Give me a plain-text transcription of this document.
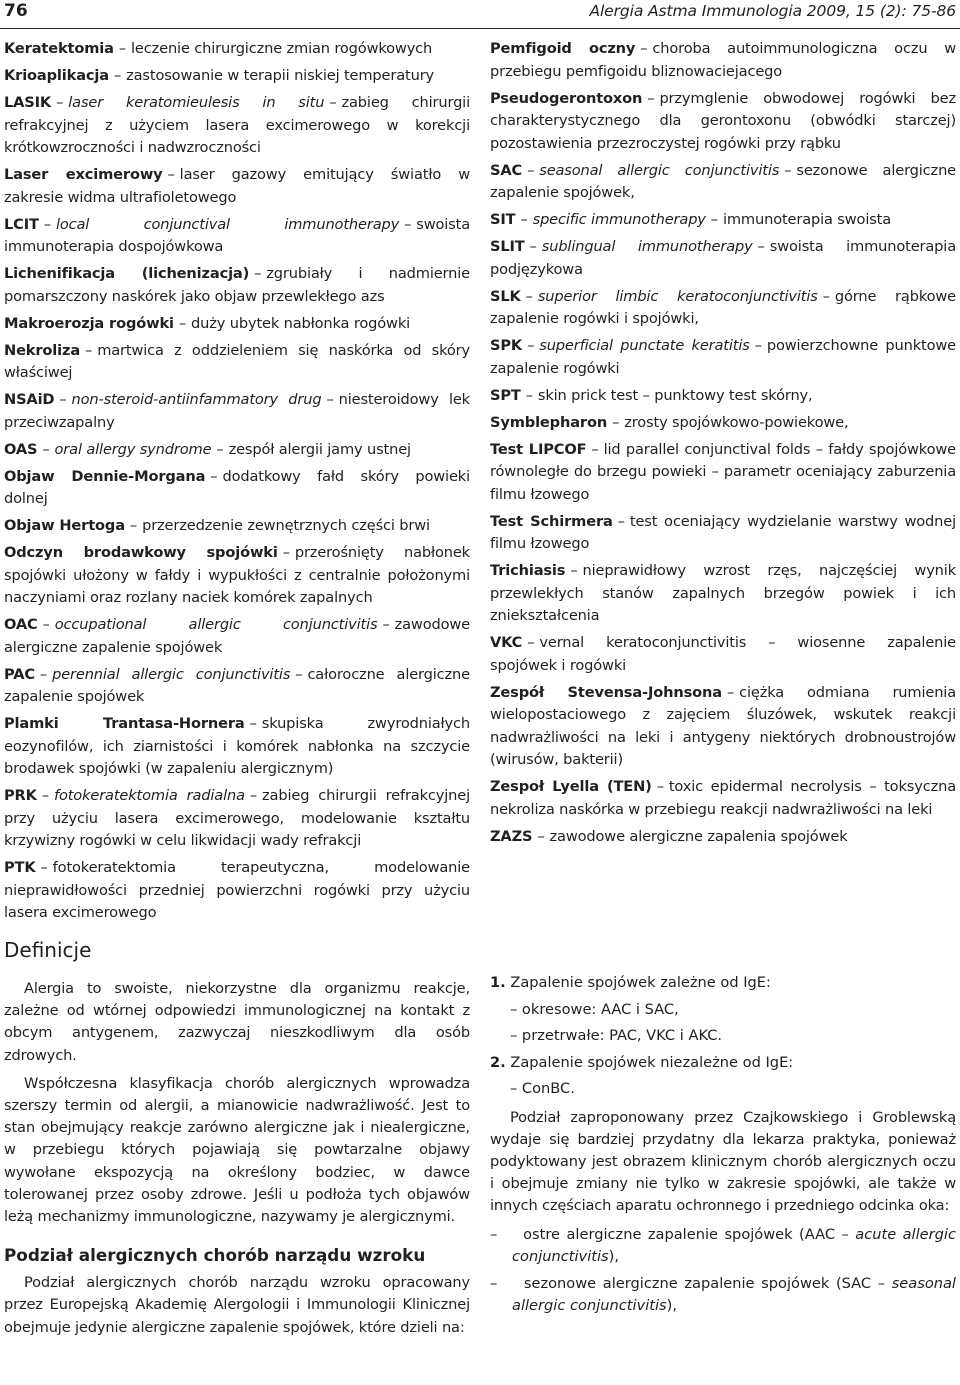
76	Alergia Astma Immunologia 2009, 15 (2): 75-86

Keratektomia – leczenie chirurgiczne zmian rogówkowych

Krioaplikacja – zastosowanie w terapii niskiej temperatury

LASIK – laser keratomieulesis in situ – zabieg chirurgii refrakcyjnej z użyciem lasera excimerowego w korekcji krótkowzroczności i nadwzroczności

Laser excimerowy – laser gazowy emitujący światło w zakresie widma ultrafioletowego

LCIT – local conjunctival immunotherapy – swoista immunoterapia dospojówkowa

Lichenifikacja (lichenizacja) – zgrubiały i nadmiernie pomarszczony naskórek jako objaw przewlekłego azs

Makroerozja rogówki – duży ubytek nabłonka rogówki

Nekroliza – martwica z oddzieleniem się naskórka od skóry właściwej

NSAiD – non-steroid-antiinfammatory drug – niesteroidowy lek przeciwzapalny

OAS – oral allergy syndrome – zespół alergii jamy ustnej

Objaw Dennie-Morgana – dodatkowy fałd skóry powieki dolnej

Objaw Hertoga – przerzedzenie zewnętrznych części brwi

Odczyn brodawkowy spojówki – przerośnięty nabłonek spojówki ułożony w fałdy i wypukłości z centralnie położonymi naczyniami oraz rozlany naciek komórek zapalnych

OAC – occupational allergic conjunctivitis – zawodowe alergiczne zapalenie spojówek

PAC – perennial allergic conjunctivitis – całoroczne alergiczne zapalenie spojówek

Plamki Trantasa-Hornera – skupiska zwyrodniałych eozynofilów, ich ziarnistości i komórek nabłonka na szczycie brodawek spojówki (w zapaleniu alergicznym)

PRK – fotokeratektomia radialna – zabieg chirurgii refrakcyjnej przy użyciu lasera excimerowego, modelowanie kształtu krzywizny rogówki w celu likwidacji wady refrakcji

PTK – fotokeratektomia terapeutyczna, modelowanie nieprawidłowości przedniej powierzchni rogówki przy użyciu lasera excimerowego

Pemfigoid oczny – choroba autoimmunologiczna oczu w przebiegu pemfigoidu bliznowaciejacego

Pseudogerontoxon – przymglenie obwodowej rogówki bez charakterystycznego dla gerontoxonu (obwódki starczej) pozostawienia przezroczystej rogówki przy rąbku

SAC – seasonal allergic conjunctivitis – sezonowe alergiczne zapalenie spojówek,

SIT – specific immunotherapy – immunoterapia swoista

SLIT – sublingual immunotherapy – swoista immunoterapia podjęzykowa

SLK – superior limbic keratoconjunctivitis – górne rąbkowe zapalenie rogówki i spojówki,

SPK – superficial punctate keratitis – powierzchowne punktowe zapalenie rogówki

SPT – skin prick test – punktowy test skórny,

Symblepharon – zrosty spojówkowo-powiekowe,

Test LIPCOF – lid parallel conjunctival folds – fałdy spojówkowe równoległe do brzegu powieki – parametr oceniający zaburzenia filmu łzowego

Test Schirmera – test oceniający wydzielanie warstwy wodnej filmu łzowego

Trichiasis – nieprawidłowy wzrost rzęs, najczęściej wynik przewlekłych stanów zapalnych brzegów powiek i ich zniekształcenia

VKC – vernal keratoconjunctivitis – wiosenne zapalenie spojówek i rogówki

Zespół Stevensa-Johnsona – ciężka odmiana rumienia wielopostaciowego z zajęciem śluzówek, wskutek reakcji nadwrażliwości na leki i antygeny niektórych drobnoustrojów (wirusów, bakterii)

Zespoł Lyella (TEN) – toxic epidermal necrolysis – toksyczna nekroliza naskórka w przebiegu reakcji nadwrażliwości na leki

ZAZS – zawodowe alergiczne zapalenia spojówek

Definicje

Alergia to swoiste, niekorzystne dla organizmu reakcje, zależne od wtórnej odpowiedzi immunologicznej na kontakt z obcym antygenem, zazwyczaj nieszkodliwym dla osób zdrowych.

Współczesna klasyfikacja chorób alergicznych wprowadza szerszy termin od alergii, a mianowicie nadwrażliwość. Jest to stan obejmujący reakcje zarówno alergiczne jak i niealergiczne, w przebiegu których pojawiają się powtarzalne objawy wywołane ekspozycją na określony bodziec, w dawce tolerowanej przez osoby zdrowe. Jeśli u podłoża tych objawów leżą mechanizmy immunologiczne, nazywamy je alergicznymi.

Podział alergicznych chorób narządu wzroku

Podział alergicznych chorób narządu wzroku opracowany przez Europejską Akademię Alergologii i Immunologii Klinicznej obejmuje jedynie alergiczne zapalenie spojówek, które dzieli na:

1. Zapalenie spojówek zależne od IgE:
– okresowe: AAC i SAC,
– przetrwałe: PAC, VKC i AKC.
2. Zapalenie spojówek niezależne od IgE:
– ConBC.

Podział zaproponowany przez Czajkowskiego i Groblewską wydaje się bardziej przydatny dla lekarza praktyka, ponieważ podyktowany jest obrazem klinicznym chorób alergicznych oczu i obejmuje zmiany nie tylko w zakresie spojówki, ale także w innych częściach aparatu ochronnego i przedniego odcinka oka:

– ostre alergiczne zapalenie spojówek (AAC – acute allergic conjunctivitis),
– sezonowe alergiczne zapalenie spojówek (SAC – seasonal allergic conjunctivitis),
